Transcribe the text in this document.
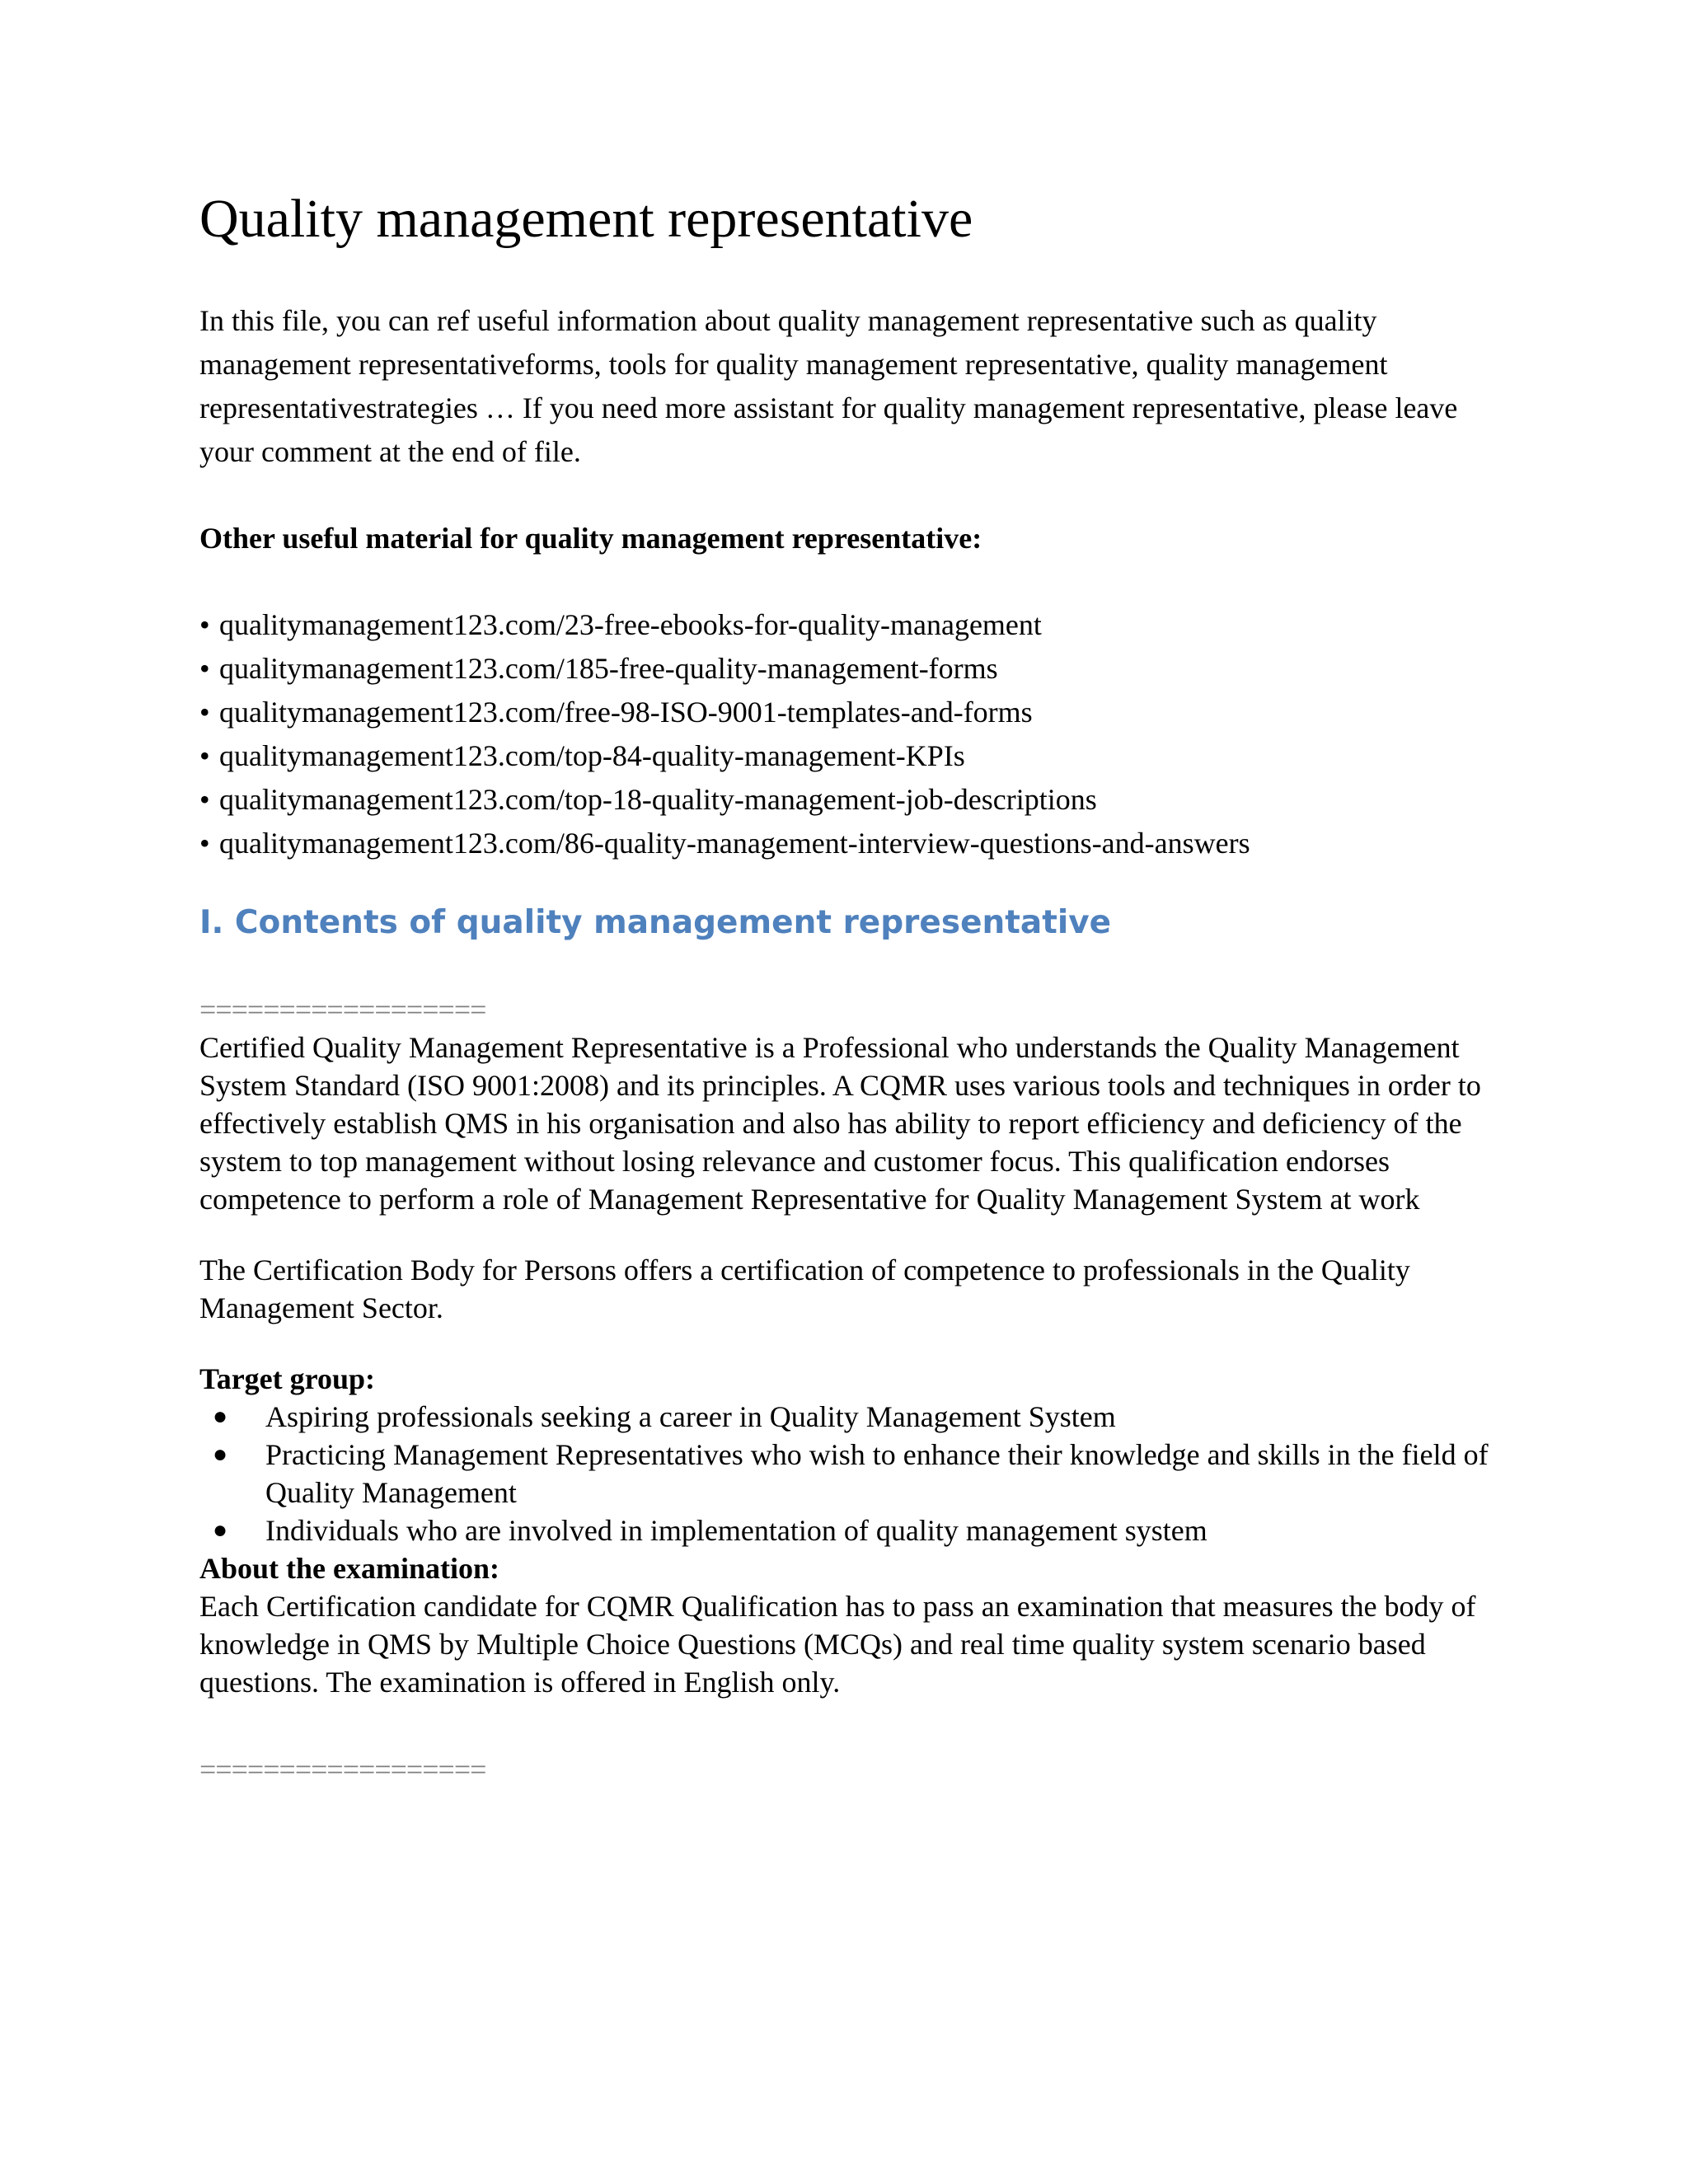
Quality management representative

In this file, you can ref useful information about quality management representative such as quality management representativeforms, tools for quality management representative, quality management representativestrategies … If you need more assistant for quality management representative, please leave your comment at the end of file.

Other useful material for quality management representative:

• qualitymanagement123.com/23-free-ebooks-for-quality-management
• qualitymanagement123.com/185-free-quality-management-forms
• qualitymanagement123.com/free-98-ISO-9001-templates-and-forms
• qualitymanagement123.com/top-84-quality-management-KPIs
• qualitymanagement123.com/top-18-quality-management-job-descriptions
• qualitymanagement123.com/86-quality-management-interview-questions-and-answers
I. Contents of quality management representative
==================

Certified Quality Management Representative is a Professional who understands the Quality Management System Standard (ISO 9001:2008) and its principles. A CQMR uses various tools and techniques in order to effectively establish QMS in his organisation and also has ability to report efficiency and deficiency of the system to top management without losing relevance and customer focus. This qualification endorses competence to perform a role of Management Representative for Quality Management System at work

The Certification Body for Persons offers a certification of competence to professionals in the Quality Management Sector.

Target group:

● Aspiring professionals seeking a career in Quality Management System
● Practicing Management Representatives who wish to enhance their knowledge and skills in the field of Quality Management
● Individuals who are involved in implementation of quality management system

About the examination:

Each Certification candidate for CQMR Qualification has to pass an examination that measures the body of knowledge in QMS by Multiple Choice Questions (MCQs) and real time quality system scenario based questions. The examination is offered in English only.

==================
